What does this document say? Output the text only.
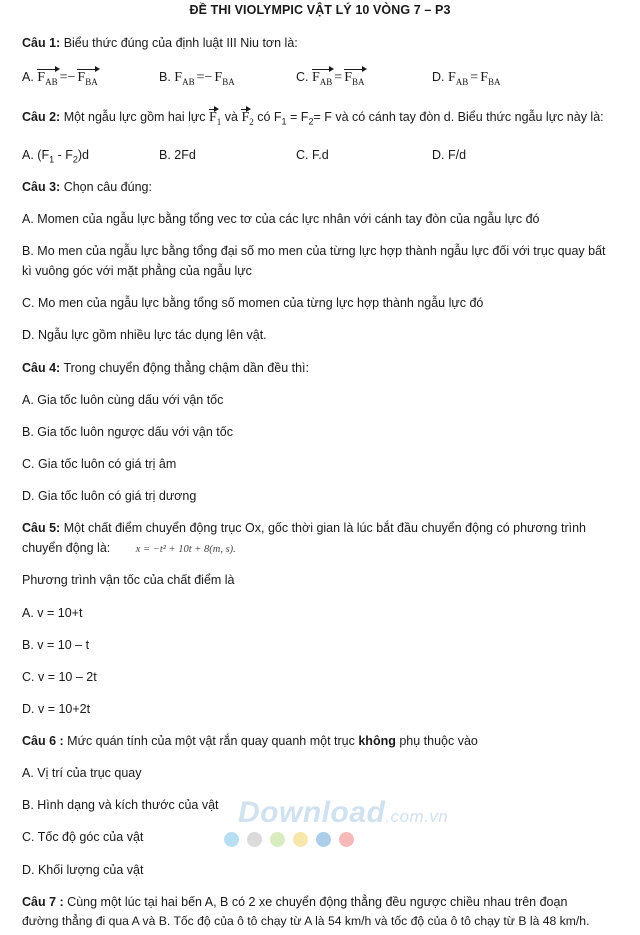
ĐỀ THI VIOLYMPIC VẬT LÝ 10 VÒNG 7 – P3
Câu 1: Biểu thức đúng của định luật III Niu tơn là:
A. $F_{AB} =- F_{BA}$	B. $F_{AB} =- F_{BA}$	C. $F_{AB} = F_{BA}$	D. $F_{AB} = F_{BA}$
Câu 2: Một ngẫu lực gồm hai lực $F_1$ và $F_2$ có $F_1 = F_2= F$ và có cánh tay đòn d. Biểu thức ngẫu lực này là:
A. $(F_1 - F_2)d$	B. 2Fd	C. F.d	D. F/d
Câu 3: Chọn câu đúng:
A. Momen của ngẫu lực bằng tổng vec tơ của các lực nhân với cánh tay đòn của ngẫu lực đó
B. Mo men của ngẫu lực bằng tổng đại số mo men của từng lực hợp thành ngẫu lực đối với trục quay bất kì vuông góc với mặt phẳng của ngẫu lực
C. Mo men của ngẫu lực bằng tổng số momen của từng lực hợp thành ngẫu lực đó
D. Ngẫu lực gồm nhiều lực tác dụng lên vật.
Câu 4: Trong chuyển động thẳng chậm dần đều thì:
A. Gia tốc luôn cùng dấu với vận tốc
B. Gia tốc luôn ngược dấu với vận tốc
C. Gia tốc luôn có giá trị âm
D. Gia tốc luôn có giá trị dương
Câu 5: Một chất điểm chuyển động trục Ox, gốc thời gian là lúc bắt đầu chuyển động có phương trình
chuyển động là: x = −t² + 10t + 8(m, s).
Phương trình vận tốc của chất điểm là
A. v = 10+t
B. v = 10 – t
C. v = 10 – 2t
D. v = 10+2t
Câu 6 : Mức quán tính của một vật rắn quay quanh một trục không phụ thuộc vào
A. Vị trí của trục quay
B. Hình dạng và kích thước của vật
C. Tốc độ góc của vật
D. Khối lượng của vật
Câu 7 : Cùng một lúc tại hai bến A, B có 2 xe chuyển động thẳng đều ngược chiều nhau trên đoạn
đường thẳng đi qua A và B. Tốc độ của ô tô chạy từ A là 54 km/h và tốc độ của ô tô chạy từ B là 48 km/h.
Download.com.vn
